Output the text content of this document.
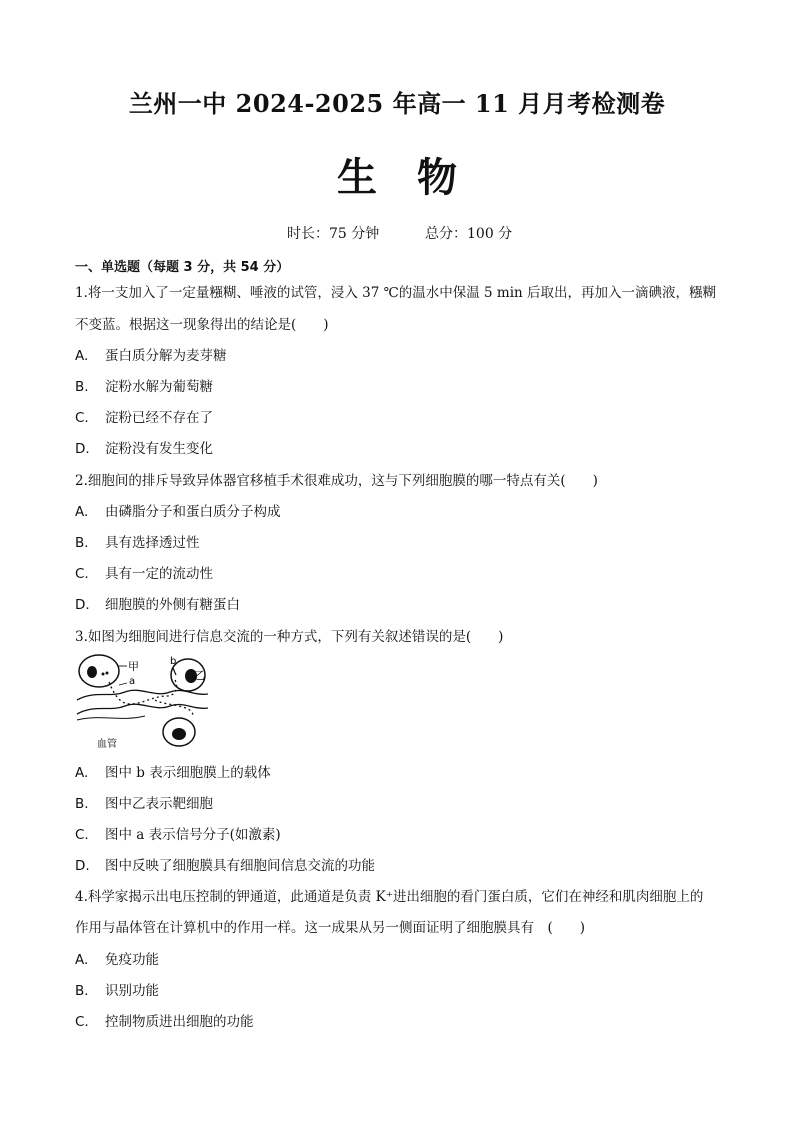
兰州一中 2024-2025 年高一 11 月月考检测卷
生　物
时长：75 分钟	总分：100 分
一、单选题（每题 3 分，共 54 分）
1.将一支加入了一定量糨糊、唾液的试管，浸入 37 ℃的温水中保温 5 min 后取出，再加入一滴碘液，糨糊
不变蓝。根据这一现象得出的结论是(　　)
A. 蛋白质分解为麦芽糖
B. 淀粉水解为葡萄糖
C. 淀粉已经不存在了
D. 淀粉没有发生变化
2.细胞间的排斥导致异体器官移植手术很难成功，这与下列细胞膜的哪一特点有关(　　)
A. 由磷脂分子和蛋白质分子构成
B. 具有选择透过性
C. 具有一定的流动性
D. 细胞膜的外侧有糖蛋白
3.如图为细胞间进行信息交流的一种方式，下列有关叙述错误的是(　　)
甲
a
b
乙
血管
A. 图中 b 表示细胞膜上的载体
B. 图中乙表示靶细胞
C. 图中 a 表示信号分子(如激素)
D. 图中反映了细胞膜具有细胞间信息交流的功能
4.科学家揭示出电压控制的钾通道，此通道是负责 K⁺进出细胞的看门蛋白质，它们在神经和肌肉细胞上的
作用与晶体管在计算机中的作用一样。这一成果从另一侧面证明了细胞膜具有　(　　)
A. 免疫功能
B. 识别功能
C. 控制物质进出细胞的功能
